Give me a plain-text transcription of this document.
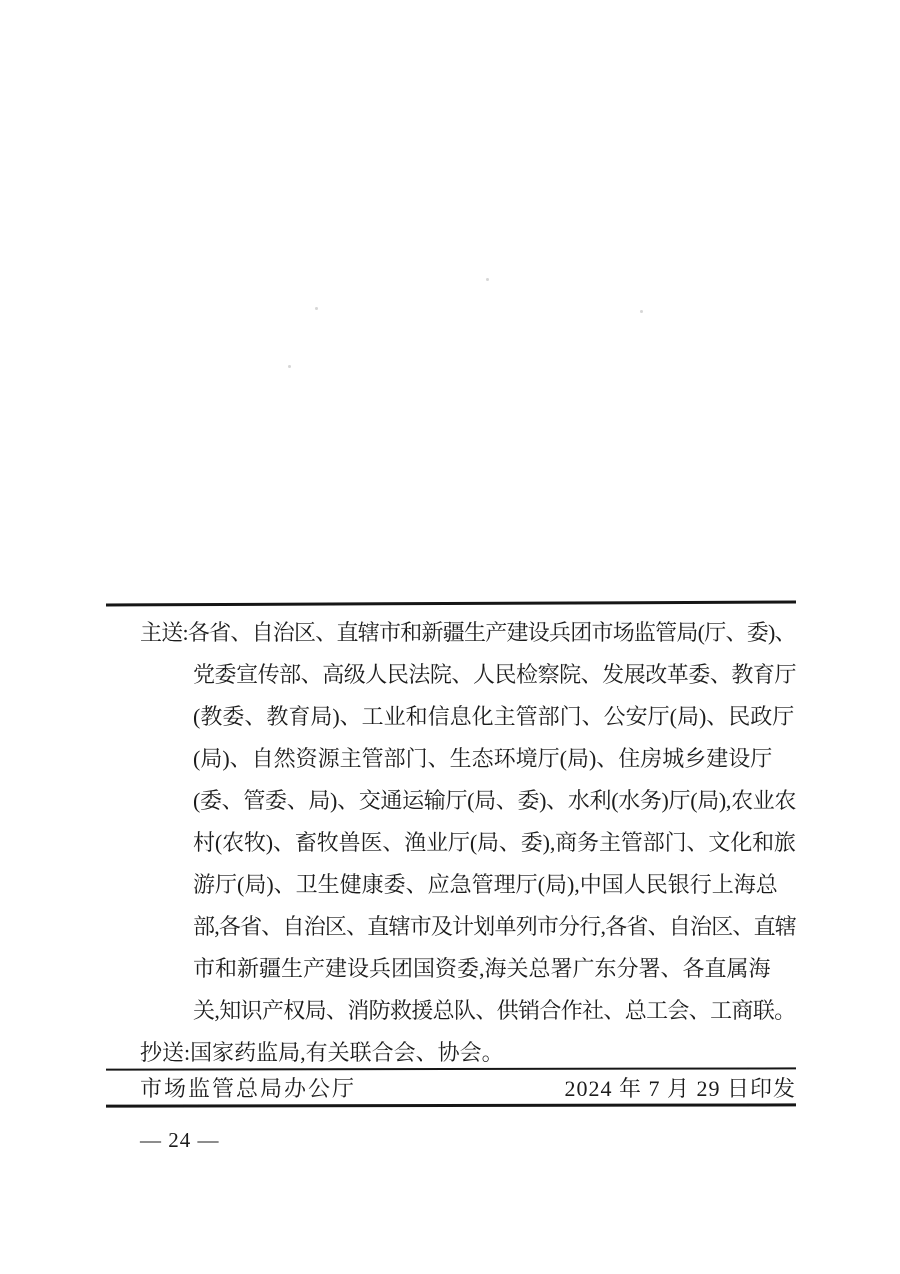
主送:各省、自治区、直辖市和新疆生产建设兵团市场监管局(厅、委)、
党委宣传部、高级人民法院、人民检察院、发展改革委、教育厅
(教委、教育局)、工业和信息化主管部门、公安厅(局)、民政厅
(局)、自然资源主管部门、生态环境厅(局)、住房城乡建设厅
(委、管委、局)、交通运输厅(局、委)、水利(水务)厅(局),农业农
村(农牧)、畜牧兽医、渔业厅(局、委),商务主管部门、文化和旅
游厅(局)、卫生健康委、应急管理厅(局),中国人民银行上海总
部,各省、自治区、直辖市及计划单列市分行,各省、自治区、直辖
市和新疆生产建设兵团国资委,海关总署广东分署、各直属海
关,知识产权局、消防救援总队、供销合作社、总工会、工商联。
抄送:国家药监局,有关联合会、协会。
市场监管总局办公厅	2024 年 7 月 29 日印发
— 24 —
